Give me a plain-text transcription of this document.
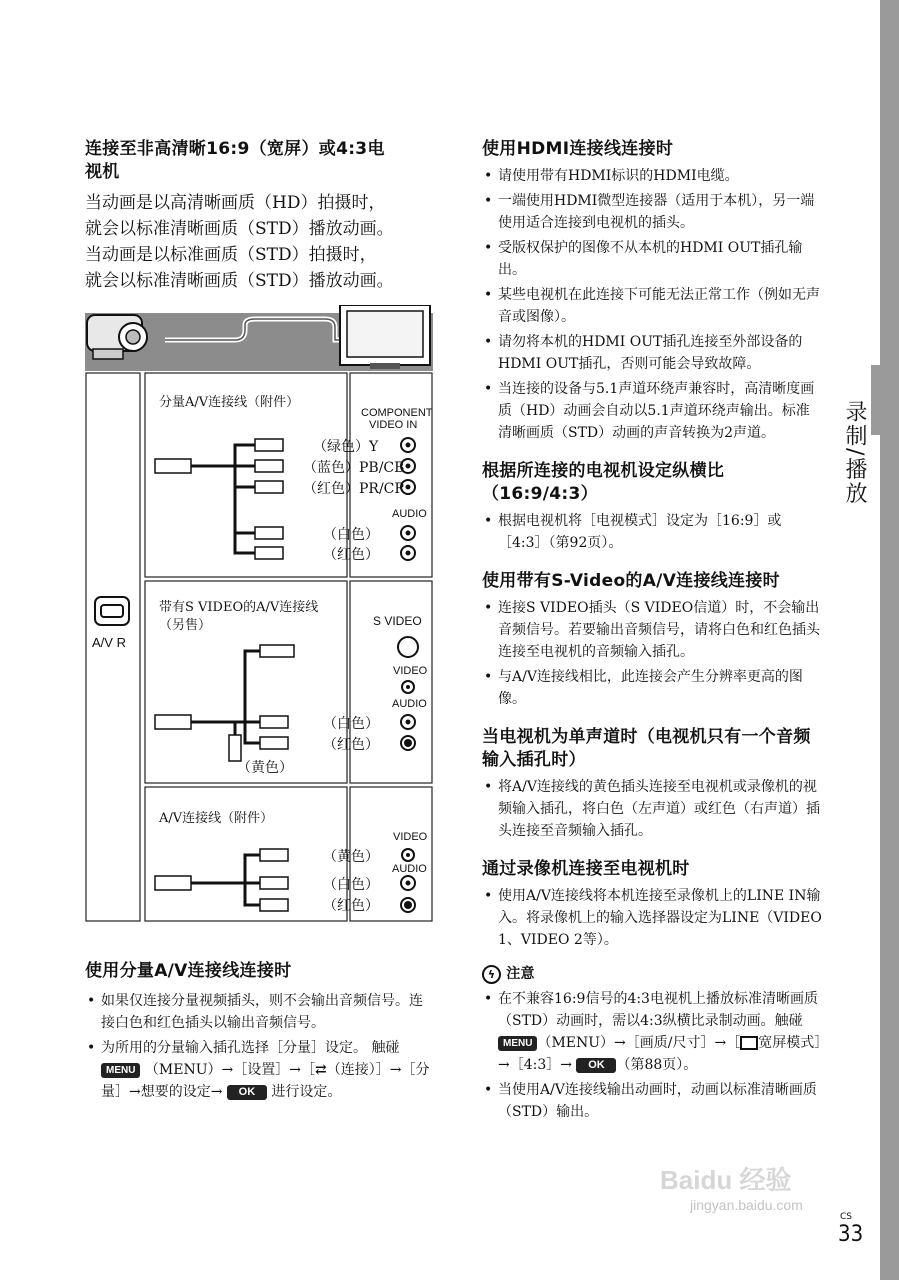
录制/播放
连接至非高清晰16:9（宽屏）或4:3电
视机
当动画是以高清晰画质（HD）拍摄时，
就会以标准清晰画质（STD）播放动画。
当动画是以标准画质（STD）拍摄时，
就会以标准清晰画质（STD）播放动画。
A/V R
分量A/V连接线（附件）
COMPONENT
VIDEO IN
（绿色）Y
（蓝色）PB/CB
（红色）PR/CR
AUDIO
（白色）
（红色）
带有S VIDEO的A/V连接线
（另售）	S VIDEO
VIDEO
AUDIO
（白色）
（红色）
（黄色）
A/V连接线（附件）
VIDEO
AUDIO
（黄色）
（白色）
（红色）
使用分量A/V连接线连接时
• 如果仅连接分量视频插头，则不会输出音频信号。连接白色和红色插头以输出音频信号。
• 为所用的分量输入插孔选择［分量］设定。 触碰 MENU （MENU）→［设置］→［⇄（连接）］→［分量］→想要的设定→ OK 进行设定。
使用HDMI连接线连接时
• 请使用带有HDMI标识的HDMI电缆。
• 一端使用HDMI微型连接器（适用于本机），另一端使用适合连接到电视机的插头。
• 受版权保护的图像不从本机的HDMI OUT插孔输出。
• 某些电视机在此连接下可能无法正常工作（例如无声音或图像）。
• 请勿将本机的HDMI OUT插孔连接至外部设备的HDMI OUT插孔，否则可能会导致故障。
• 当连接的设备与5.1声道环绕声兼容时，高清晰度画质（HD）动画会自动以5.1声道环绕声输出。标准清晰画质（STD）动画的声音转换为2声道。
根据所连接的电视机设定纵横比（16:9/4:3）
• 根据电视机将［电视模式］设定为［16:9］或［4:3］（第92页）。
使用带有S-Video的A/V连接线连接时
• 连接S VIDEO插头（S VIDEO信道）时，不会输出音频信号。若要输出音频信号，请将白色和红色插头连接至电视机的音频输入插孔。
• 与A/V连接线相比，此连接会产生分辨率更高的图像。
当电视机为单声道时（电视机只有一个音频输入插孔时）
• 将A/V连接线的黄色插头连接至电视机或录像机的视频输入插孔，将白色（左声道）或红色（右声道）插头连接至音频输入插孔。
通过录像机连接至电视机时
• 使用A/V连接线将本机连接至录像机上的LINE IN输入。将录像机上的输入选择器设定为LINE（VIDEO 1、VIDEO 2等）。
ϟ 注意
• 在不兼容16:9信号的4:3电视机上播放标准清晰画质（STD）动画时，需以4:3纵横比录制动画。触碰MENU （MENU）→［画质/尺寸］→［ 宽屏模式］→［4:3］→ OK （第88页）。
• 当使用A/V连接线输出动画时，动画以标准清晰画质（STD）输出。
CS
33
Baidu 经验
jingyan.baidu.com
